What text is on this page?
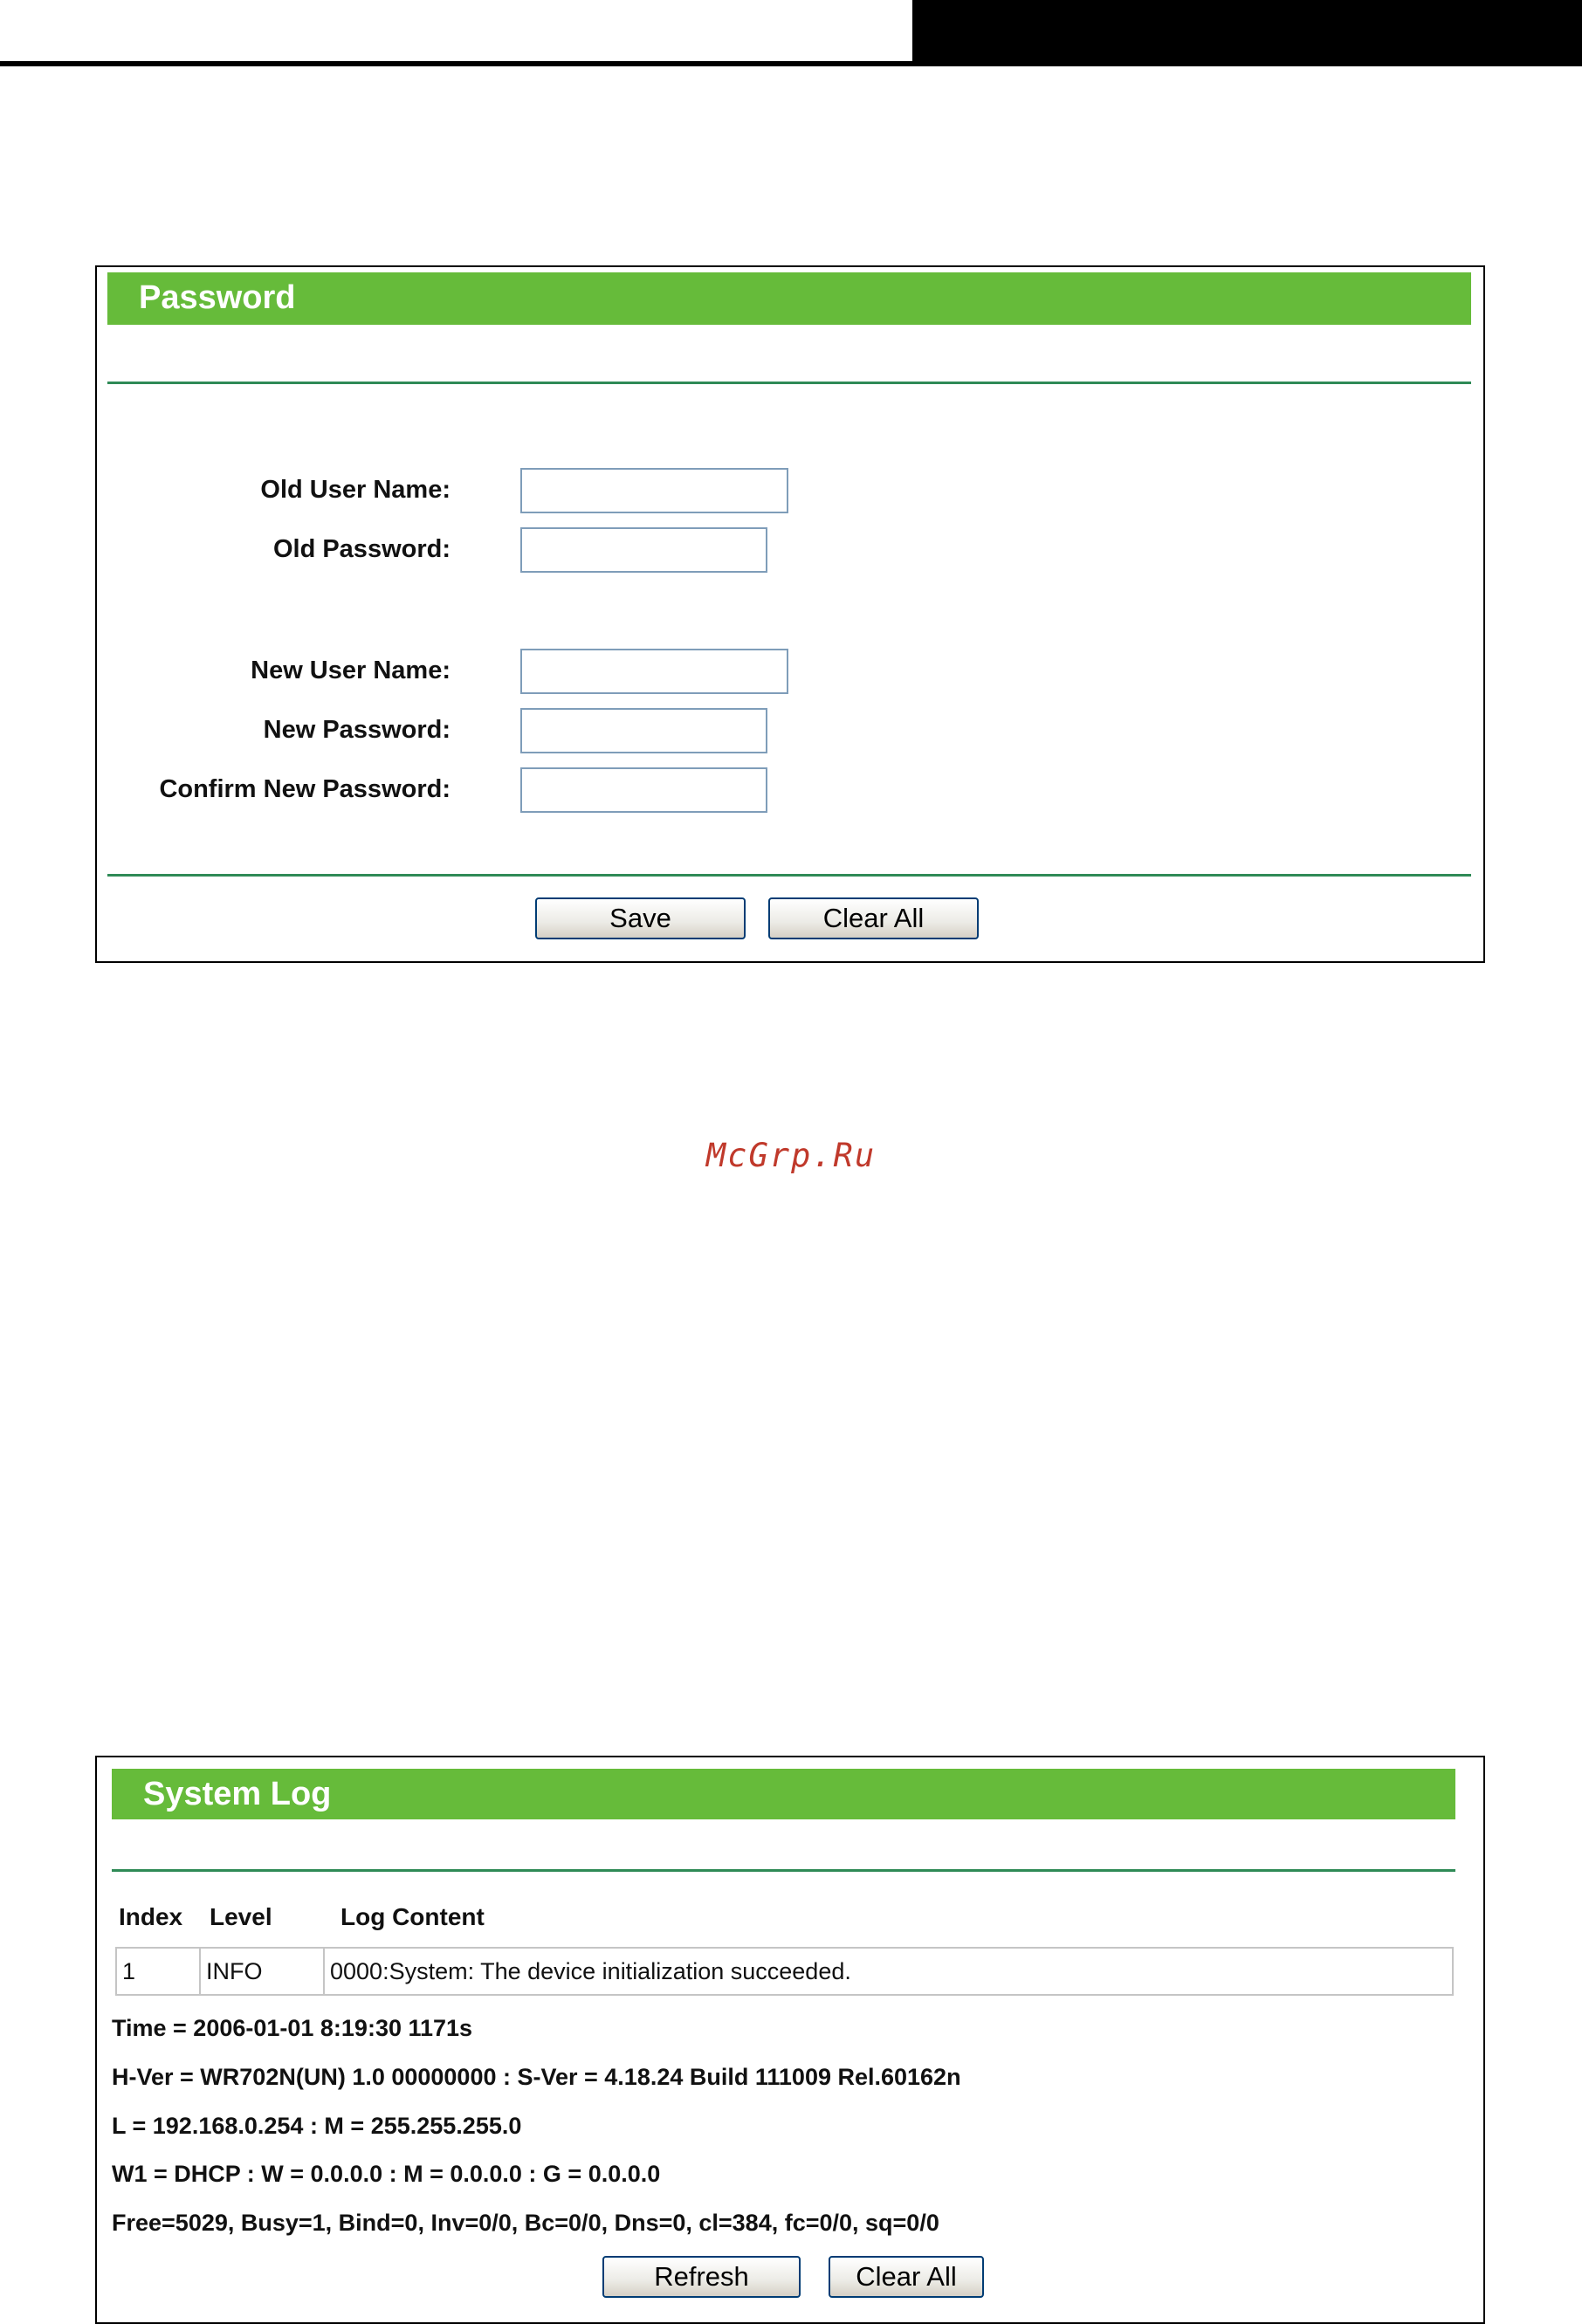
Password
Old User Name:
Old Password:
New User Name:
New Password:
Confirm New Password:
Save	Clear All
McGrp.Ru
System Log
Index Level	Log Content
1	INFO	0000:System: The device initialization succeeded.
Time = 2006-01-01 8:19:30 1171s
H-Ver = WR702N(UN) 1.0 00000000 : S-Ver = 4.18.24 Build 111009 Rel.60162n
L = 192.168.0.254 : M = 255.255.255.0
W1 = DHCP : W = 0.0.0.0 : M = 0.0.0.0 : G = 0.0.0.0
Free=5029, Busy=1, Bind=0, Inv=0/0, Bc=0/0, Dns=0, cl=384, fc=0/0, sq=0/0
Refresh	Clear All
